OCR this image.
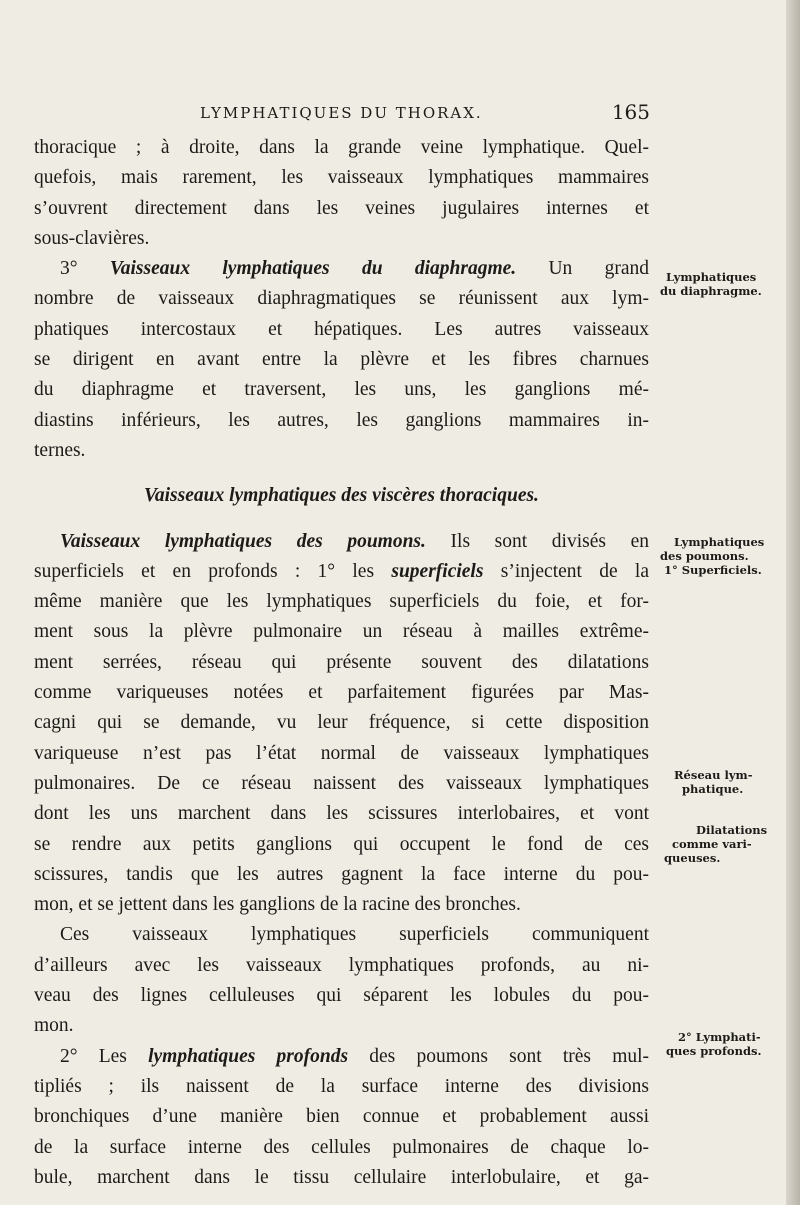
LYMPHATIQUES DU THORAX.	165
thoracique ; à droite, dans la grande veine lymphatique. Quel-
quefois, mais rarement, les vaisseaux lymphatiques mammaires
s’ouvrent directement dans les veines jugulaires internes et
sous-clavières.
3° Vaisseaux lymphatiques du diaphragme. Un grand
nombre de vaisseaux diaphragmatiques se réunissent aux lym-
phatiques intercostaux et hépatiques. Les autres vaisseaux
se dirigent en avant entre la plèvre et les fibres charnues
du diaphragme et traversent, les uns, les ganglions mé-
diastins inférieurs, les autres, les ganglions mammaires in-
ternes.
Vaisseaux lymphatiques des viscères thoraciques.
Vaisseaux lymphatiques des poumons. Ils sont divisés en
superficiels et en profonds : 1° les superficiels s’injectent de la
même manière que les lymphatiques superficiels du foie, et for-
ment sous la plèvre pulmonaire un réseau à mailles extrême-
ment serrées, réseau qui présente souvent des dilatations
comme variqueuses notées et parfaitement figurées par Mas-
cagni qui se demande, vu leur fréquence, si cette disposition
variqueuse n’est pas l’état normal de vaisseaux lymphatiques
pulmonaires. De ce réseau naissent des vaisseaux lymphatiques
dont les uns marchent dans les scissures interlobaires, et vont
se rendre aux petits ganglions qui occupent le fond de ces
scissures, tandis que les autres gagnent la face interne du pou-
mon, et se jettent dans les ganglions de la racine des bronches.
Ces vaisseaux lymphatiques superficiels communiquent
d’ailleurs avec les vaisseaux lymphatiques profonds, au ni-
veau des lignes celluleuses qui séparent les lobules du pou-
mon.
2° Les lymphatiques profonds des poumons sont très mul-
tipliés ; ils naissent de la surface interne des divisions
bronchiques d’une manière bien connue et probablement aussi
de la surface interne des cellules pulmonaires de chaque lo-
bule, marchent dans le tissu cellulaire interlobulaire, et ga-
Lymphatiques
du diaphragme.
Lymphatiques
des poumons.
1° Superficiels.
Réseau lym-
phatique.
Dilatations
comme vari-
queuses.
2° Lymphati-
ques profonds.
